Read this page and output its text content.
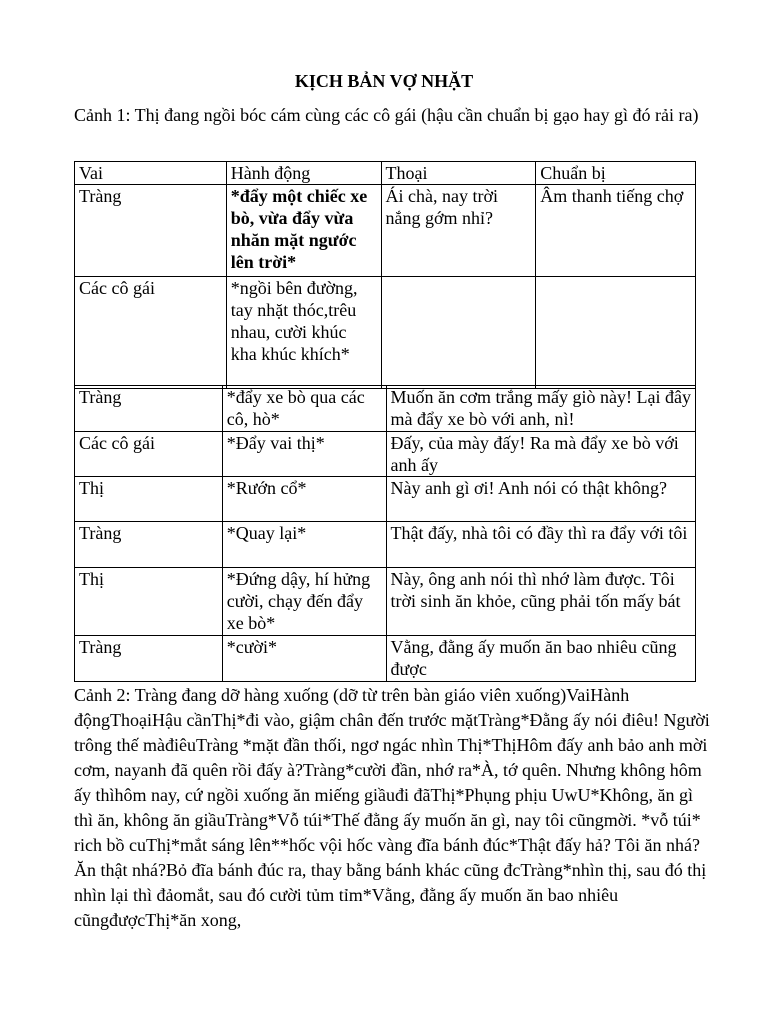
KỊCH BẢN VỢ NHẶT
Cảnh 1: Thị đang ngồi bóc cám cùng các cô gái (hậu cần chuẩn bị gạo hay gì đó rải ra)
Vai	Hành động	Thoại	Chuẩn bị
Tràng	*đẩy một chiếc xe bò, vừa đẩy vừa nhăn mặt ngước lên trời*	Ái chà, nay trời nắng gớm nhỉ?	Âm thanh tiếng chợ
Các cô gái	*ngồi bên đường, tay nhặt thóc,trêu nhau, cười khúc kha khúc khích*		
Tràng	*đẩy xe bò qua các cô, hò*	Muốn ăn cơm trắng mấy giò này! Lại đây mà đẩy xe bò với anh, nì!
Các cô gái	*Đẩy vai thị*	Đấy, của mày đấy! Ra mà đẩy xe bò với anh ấy
Thị	*Rướn cổ*	Này anh gì ơi! Anh nói có thật không?
Tràng	*Quay lại*	Thật đấy, nhà tôi có đầy thì ra đẩy với tôi
Thị	*Đứng dậy, hí hửng cười, chạy đến đẩy xe bò*	Này, ông anh nói thì nhớ làm được. Tôi trời sinh ăn khỏe, cũng phải tốn mấy bát
Tràng	*cười*	Vằng, đằng ấy muốn ăn bao nhiêu cũng được
Cảnh 2: Tràng đang dỡ hàng xuống (dỡ từ trên bàn giáo viên xuống)VaiHành độngThoạiHậu cầnThị*đi vào, giậm chân đến trước mặtTràng*Đằng ấy nói điêu! Người trông thế màđiêuTràng *mặt đần thối, ngơ ngác nhìn Thị*ThịHôm đấy anh bảo anh mời cơm, nayanh đã quên rồi đấy à?Tràng*cười đần, nhớ ra*À, tớ quên. Nhưng không hôm ấy thìhôm nay, cứ ngồi xuống ăn miếng giầuđi đãThị*Phụng phịu UwU*Không, ăn gì thì ăn, không ăn giầuTràng*Vỗ túi*Thế đằng ấy muốn ăn gì, nay tôi cũngmời. *vỗ túi* rich bồ cuThị*mắt sáng lên**hốc vội hốc vàng đĩa bánh đúc*Thật đấy hả? Tôi ăn nhá? Ăn thật nhá?Bỏ đĩa bánh đúc ra, thay bằng bánh khác cũng đcTràng*nhìn thị, sau đó thị nhìn lại thì đảomắt, sau đó cười tủm tỉm*Vằng, đằng ấy muốn ăn bao nhiêu cũngđượcThị*ăn xong,
